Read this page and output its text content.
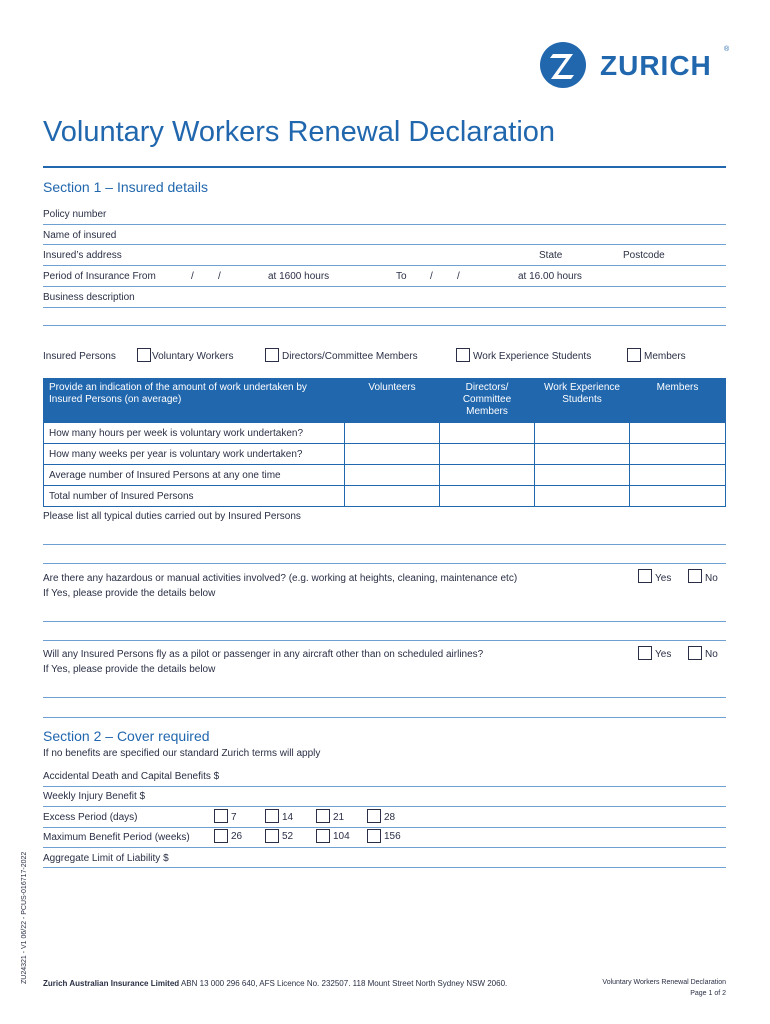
ZURICH
®
Voluntary Workers Renewal Declaration
Section 1 – Insured details
Policy number
Name of insured
Insured’s address	State	Postcode
Period of Insurance From	/ /	at 1600 hours	To / /	at 16.00 hours
Business description
Insured Persons	Voluntary Workers	Directors/Committee Members	Work Experience Students	Members
Provide an indication of the amount of work undertaken by Insured Persons (on average)	Volunteers	Directors/ Committee Members	Work Experience Students	Members
How many hours per week is voluntary work undertaken?				
How many weeks per year is voluntary work undertaken?				
Average number of Insured Persons at any one time				
Total number of Insured Persons				
Please list all typical duties carried out by Insured Persons
Are there any hazardous or manual activities involved? (e.g. working at heights, cleaning, maintenance etc)
If Yes, please provide the details below
Yes	No
Will any Insured Persons fly as a pilot or passenger in any aircraft other than on scheduled airlines?
If Yes, please provide the details below
Yes	No
Section 2 – Cover required
If no benefits are specified our standard Zurich terms will apply
Accidental Death and Capital Benefits $
Weekly Injury Benefit $
Excess Period (days)	7	14	21	28
Maximum Benefit Period (weeks)	26	52	104	156
Aggregate Limit of Liability $
ZU24321 - V1 06/22 - PCUS-016717-2022 Zurich Australian Insurance Limited ABN 13 000 296 640, AFS Licence No. 232507. 118 Mount Street North Sydney NSW 2060.	Voluntary Workers Renewal Declaration
Page 1 of 2
